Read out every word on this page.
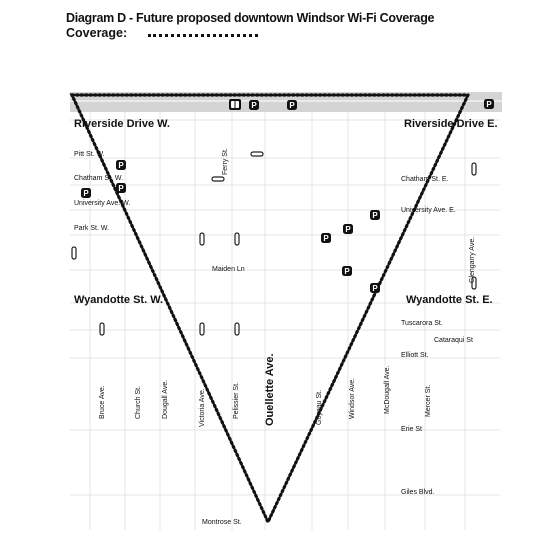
P	P	P
P
P
P
P
P
P
P
P
Diagram D - Future proposed downtown Windsor Wi-Fi Coverage
Coverage:
Riverside Drive W.	Riverside Drive E.
Pitt St. W.
Chatham St. W.
University Ave. W.
Park St. W.
Maiden Ln
Wyandotte St. W.	Wyandotte St. E.
Chatham St. E.
University Ave. E.
Tuscarora St.
Cataraqui St
Elliott St.
Erie St
Giles Blvd.
Montrose St.
Bruce Ave.	Church St.	Dougall Ave.	Victoria Ave.	Pelissier St. Ouellette Ave.	Goyeau St.	Windsor Ave.	McDougall Ave.	Mercer St.
Glengarry Ave.
Ferry St.
